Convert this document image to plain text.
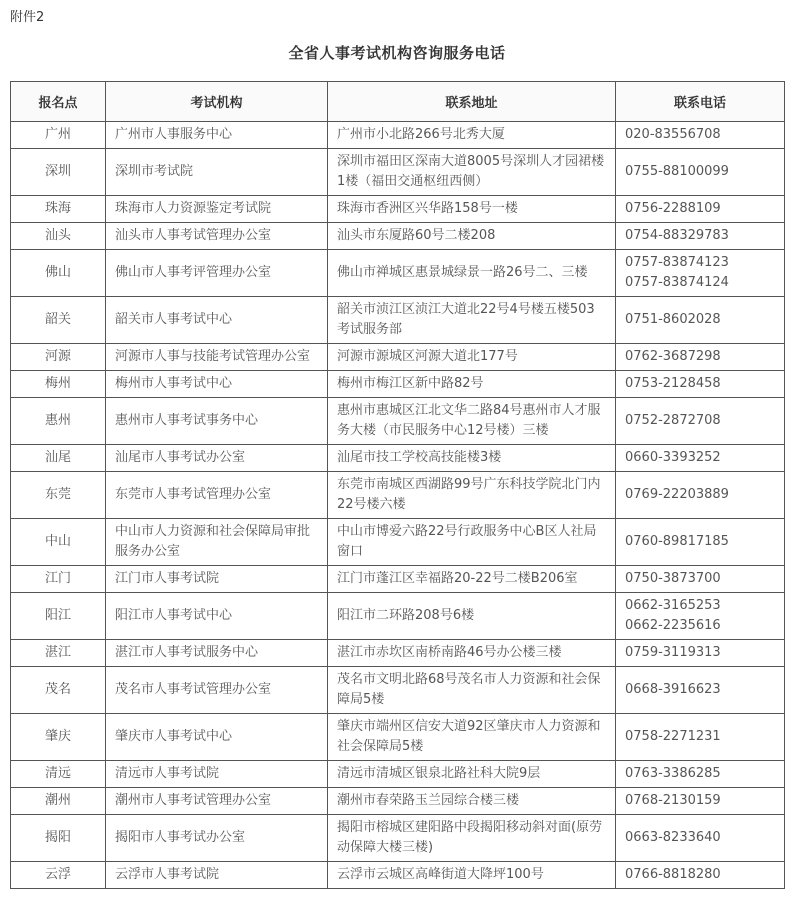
附件2
全省人事考试机构咨询服务电话
报名点	考试机构	联系地址	联系电话
广州	广州市人事服务中心	广州市小北路266号北秀大厦	020-83556708

深圳	深圳市考试院	深圳市福田区深南大道8005号深圳人才园裙楼1楼（福田交通枢纽西侧）	0755-88100099

珠海	珠海市人力资源鉴定考试院	珠海市香洲区兴华路158号一楼	0756-2288109

汕头	汕头市人事考试管理办公室	汕头市东厦路60号二楼208	0754-88329783

佛山	佛山市人事考评管理办公室	佛山市禅城区惠景城绿景一路26号二、三楼	0757-83874123
0757-83874124

韶关	韶关市人事考试中心	韶关市浈江区浈江大道北22号4号楼五楼503考试服务部	0751-8602028

河源	河源市人事与技能考试管理办公室	河源市源城区河源大道北177号	0762-3687298

梅州	梅州市人事考试中心	梅州市梅江区新中路82号	0753-2128458

惠州	惠州市人事考试事务中心	惠州市惠城区江北文华二路84号惠州市人才服务大楼（市民服务中心12号楼）三楼	0752-2872708

汕尾	汕尾市人事考试办公室	汕尾市技工学校高技能楼3楼	0660-3393252

东莞	东莞市人事考试管理办公室	东莞市南城区西湖路99号广东科技学院北门内22号楼六楼	0769-22203889

中山	中山市人力资源和社会保障局审批服务办公室	中山市博爱六路22号行政服务中心B区人社局窗口	0760-89817185

江门	江门市人事考试院	江门市蓬江区幸福路20-22号二楼B206室	0750-3873700

阳江	阳江市人事考试中心	阳江市二环路208号6楼	0662-3165253
0662-2235616

湛江	湛江市人事考试服务中心	湛江市赤坎区南桥南路46号办公楼三楼	0759-3119313

茂名	茂名市人事考试管理办公室	茂名市文明北路68号茂名市人力资源和社会保障局5楼	0668-3916623

肇庆	肇庆市人事考试中心	肇庆市端州区信安大道92区肇庆市人力资源和社会保障局5楼	0758-2271231

清远	清远市人事考试院	清远市清城区银泉北路社科大院9层	0763-3386285

潮州	潮州市人事考试管理办公室	潮州市春荣路玉兰园综合楼三楼	0768-2130159

揭阳	揭阳市人事考试办公室	揭阳市榕城区建阳路中段揭阳移动斜对面(原劳动保障大楼三楼)	0663-8233640

云浮	云浮市人事考试院	云浮市云城区高峰街道大降坪100号	0766-8818280
